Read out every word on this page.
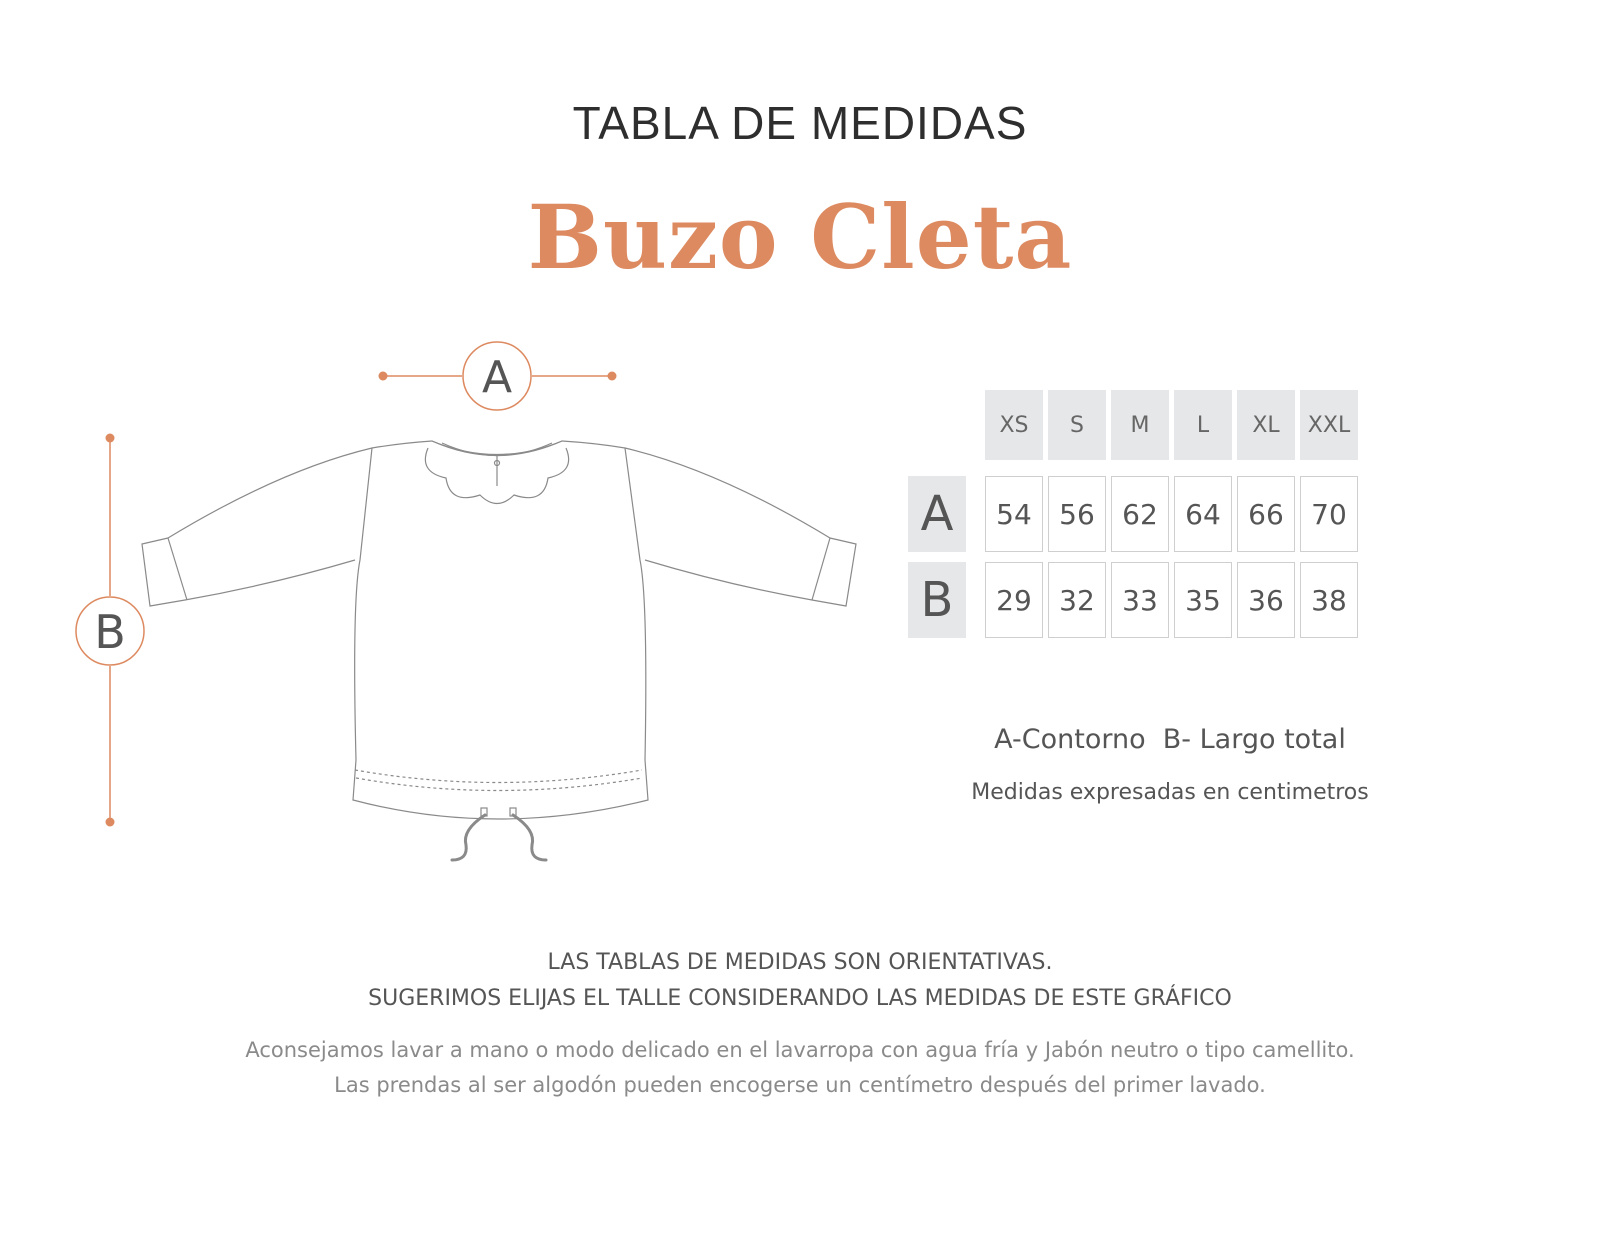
TABLA DE MEDIDAS
Buzo Cleta
A
B
XS	S	M	L	XL	XXL
A	54 56 62 64 66 70
B	29 32 33 35 36 38
A-Contorno  B- Largo total
Medidas expresadas en centimetros
LAS TABLAS DE MEDIDAS SON ORIENTATIVAS.
SUGERIMOS ELIJAS EL TALLE CONSIDERANDO LAS MEDIDAS DE ESTE GRÁFICO
Aconsejamos lavar a mano o modo delicado en el lavarropa con agua fría y Jabón neutro o tipo camellito.
Las prendas al ser algodón pueden encogerse un centímetro después del primer lavado.
